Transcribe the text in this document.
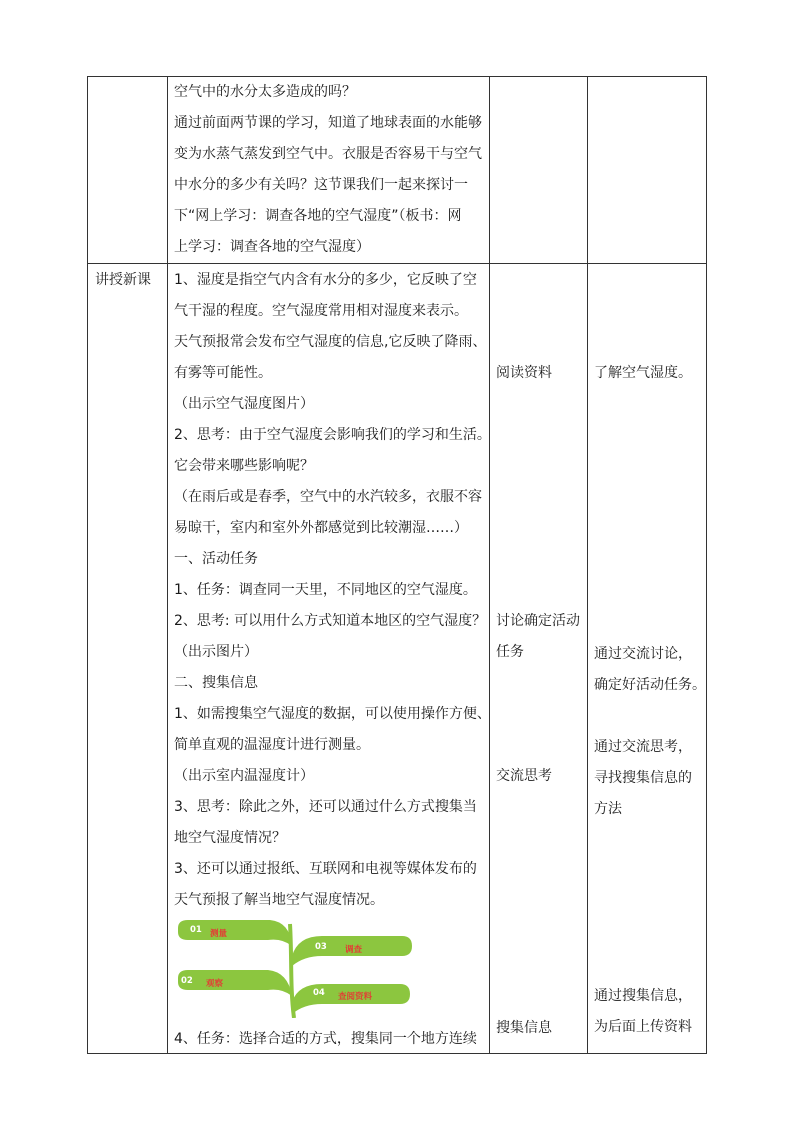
空气中的水分太多造成的吗？
通过前面两节课的学习，知道了地球表面的水能够
变为水蒸气蒸发到空气中。衣服是否容易干与空气
中水分的多少有关吗？这节课我们一起来探讨一
下“网上学习：调查各地的空气湿度”（板书：网
上学习：调查各地的空气湿度）
讲授新课 1、湿度是指空气内含有水分的多少，它反映了空
气干湿的程度。空气湿度常用相对湿度来表示。
天气预报常会发布空气湿度的信息,它反映了降雨、
有雾等可能性。
（出示空气湿度图片）
2、思考：由于空气湿度会影响我们的学习和生活。
它会带来哪些影响呢？
（在雨后或是春季，空气中的水汽较多，衣服不容
易晾干，室内和室外外都感觉到比较潮湿……）
一、活动任务
1、任务：调查同一天里，不同地区的空气湿度。
2、思考: 可以用什么方式知道本地区的空气湿度？
（出示图片）
二、搜集信息
1、如需搜集空气湿度的数据，可以使用操作方便、
简单直观的温湿度计进行测量。
（出示室内温湿度计）
3、思考：除此之外，还可以通过什么方式搜集当
地空气湿度情况？
3、还可以通过报纸、互联网和电视等媒体发布的
天气预报了解当地空气湿度情况。
01 测量
02 观察
03 调查
04 查阅资料
4、任务：选择合适的方式，搜集同一个地方连续
阅读资料
讨论确定活动
任务
交流思考
搜集信息
了解空气湿度。
通过交流讨论，
确定好活动任务。
通过交流思考，
寻找搜集信息的
方法
通过搜集信息，
为后面上传资料
